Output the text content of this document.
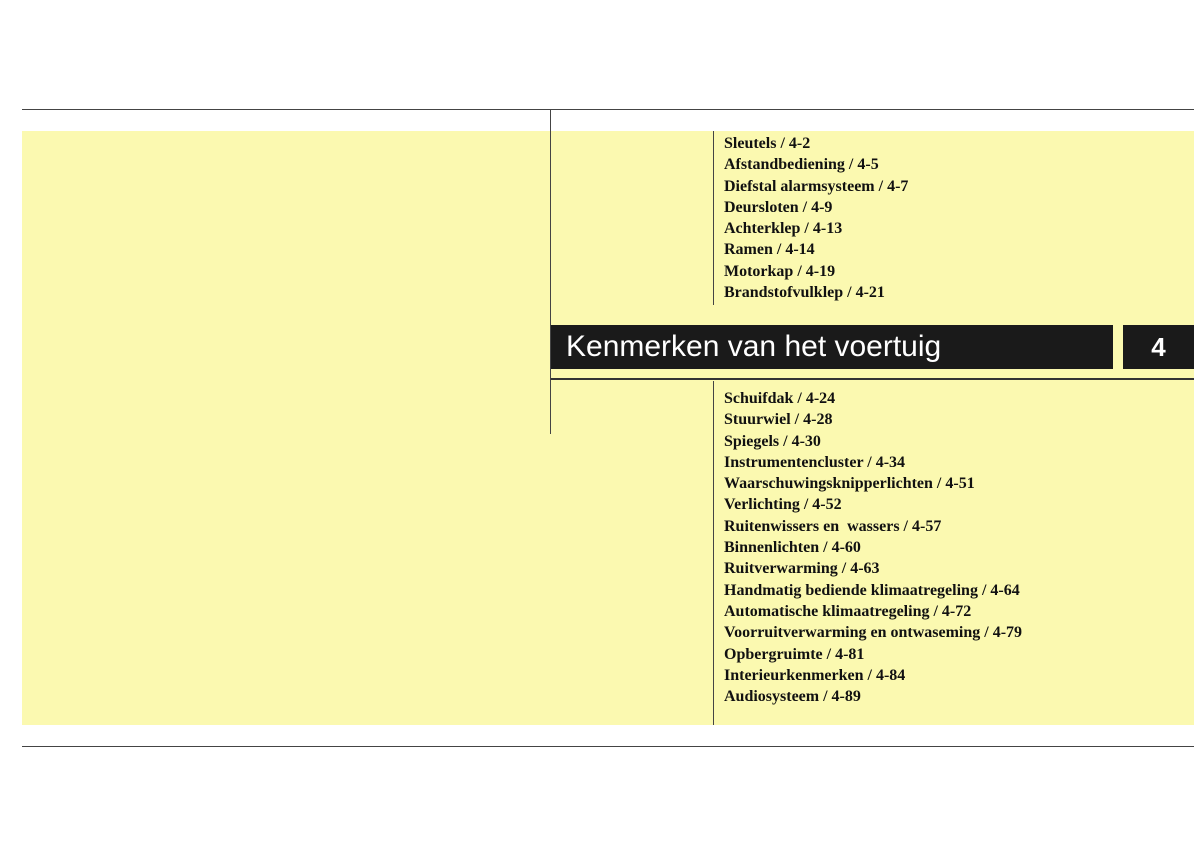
Sleutels / 4-2
Afstandbediening / 4-5
Diefstal alarmsysteem / 4-7
Deursloten / 4-9
Achterklep / 4-13
Ramen / 4-14
Motorkap / 4-19
Brandstofvulklep / 4-21
Kenmerken van het voertuig	4
Schuifdak / 4-24
Stuurwiel / 4-28
Spiegels / 4-30
Instrumentencluster / 4-34
Waarschuwingsknipperlichten / 4-51
Verlichting / 4-52
Ruitenwissers en  wassers / 4-57
Binnenlichten / 4-60
Ruitverwarming / 4-63
Handmatig bediende klimaatregeling / 4-64
Automatische klimaatregeling / 4-72
Voorruitverwarming en ontwaseming / 4-79
Opbergruimte / 4-81
Interieurkenmerken / 4-84
Audiosysteem / 4-89
